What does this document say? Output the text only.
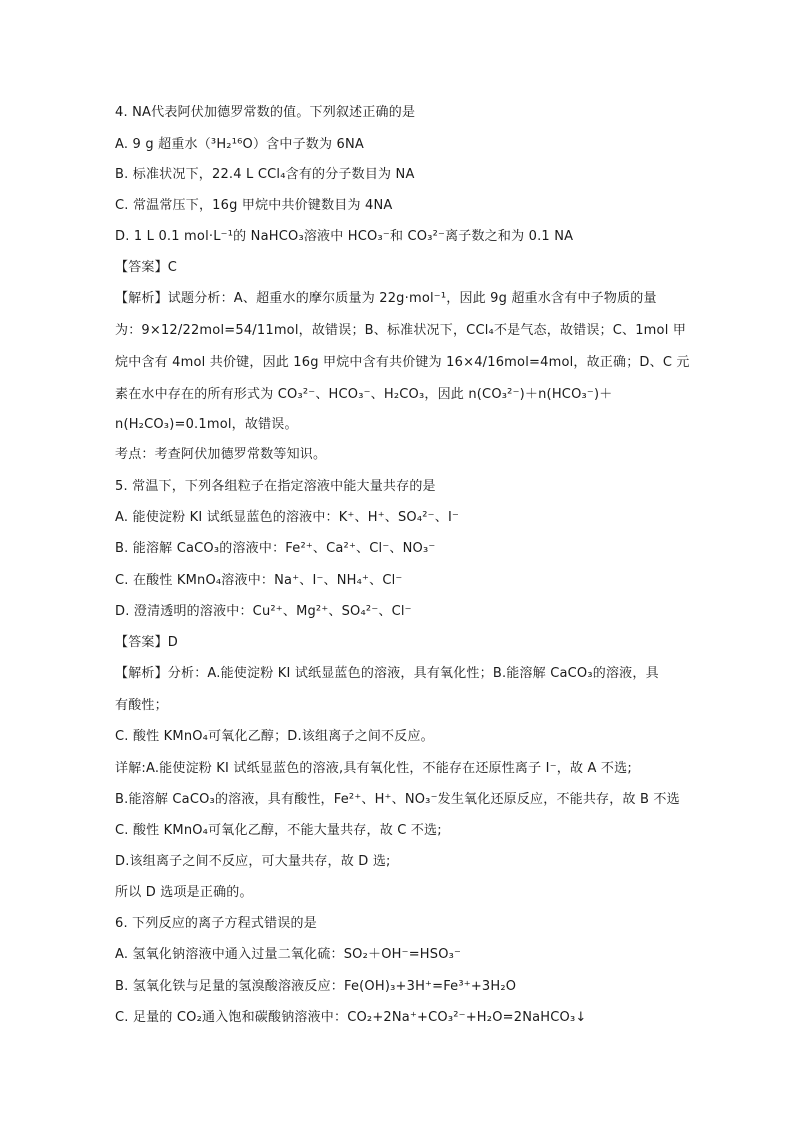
4. NA代表阿伏加德罗常数的值。下列叙述正确的是
A. 9 g 超重水（³H₂¹⁶O）含中子数为 6NA
B. 标准状况下，22.4 L CCl₄含有的分子数目为 NA
C. 常温常压下，16g 甲烷中共价键数目为 4NA
D. 1 L 0.1 mol·L⁻¹的 NaHCO₃溶液中 HCO₃⁻和 CO₃²⁻离子数之和为 0.1 NA
【答案】C
【解析】试题分析：A、超重水的摩尔质量为 22g·mol⁻¹，因此 9g 超重水含有中子物质的量
为：9×12/22mol=54/11mol，故错误；B、标准状况下，CCl₄不是气态，故错误；C、1mol 甲
烷中含有 4mol 共价键，因此 16g 甲烷中含有共价键为 16×4/16mol=4mol，故正确；D、C 元
素在水中存在的所有形式为 CO₃²⁻、HCO₃⁻、H₂CO₃，因此 n(CO₃²⁻)＋n(HCO₃⁻)＋
n(H₂CO₃)=0.1mol，故错误。
考点：考查阿伏加德罗常数等知识。
5. 常温下，下列各组粒子在指定溶液中能大量共存的是
A. 能使淀粉 KI 试纸显蓝色的溶液中：K⁺、H⁺、SO₄²⁻、I⁻
B. 能溶解 CaCO₃的溶液中：Fe²⁺、Ca²⁺、Cl⁻、NO₃⁻
C. 在酸性 KMnO₄溶液中：Na⁺、I⁻、NH₄⁺、Cl⁻
D. 澄清透明的溶液中：Cu²⁺、Mg²⁺、SO₄²⁻、Cl⁻
【答案】D
【解析】分析：A.能使淀粉 KI 试纸显蓝色的溶液，具有氧化性；B.能溶解 CaCO₃的溶液，具
有酸性；
C. 酸性 KMnO₄可氧化乙醇；D.该组离子之间不反应。
详解:A.能使淀粉 KI 试纸显蓝色的溶液,具有氧化性，不能存在还原性离子 I⁻，故 A 不选;
B.能溶解 CaCO₃的溶液，具有酸性，Fe²⁺、H⁺、NO₃⁻发生氧化还原反应，不能共存，故 B 不选
C. 酸性 KMnO₄可氧化乙醇，不能大量共存，故 C 不选;
D.该组离子之间不反应，可大量共存，故 D 选;
所以 D 选项是正确的。
6. 下列反应的离子方程式错误的是
A. 氢氧化钠溶液中通入过量二氧化硫：SO₂＋OH⁻=HSO₃⁻
B. 氢氧化铁与足量的氢溴酸溶液反应：Fe(OH)₃+3H⁺=Fe³⁺+3H₂O
C. 足量的 CO₂通入饱和碳酸钠溶液中：CO₂+2Na⁺+CO₃²⁻+H₂O=2NaHCO₃↓
